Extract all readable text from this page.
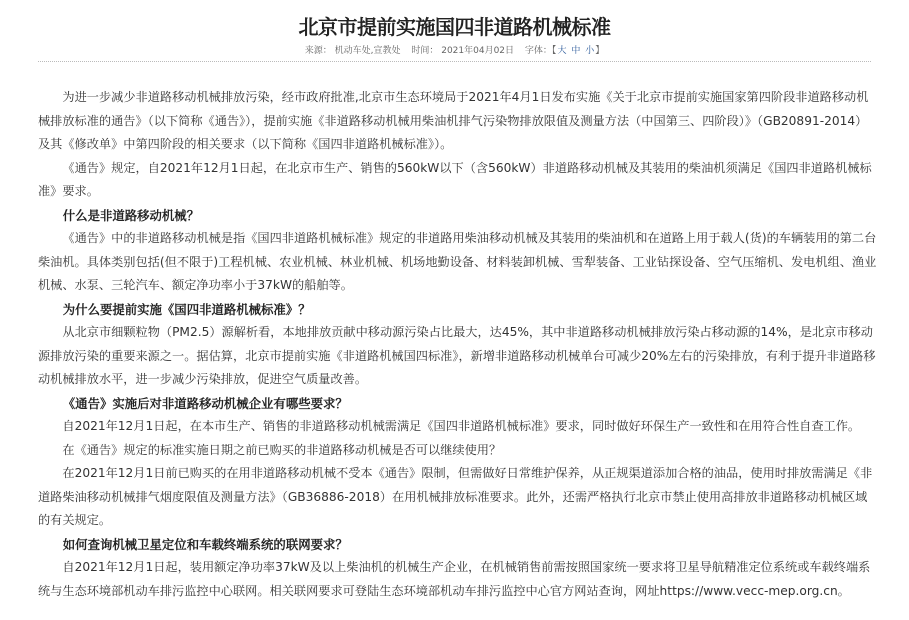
北京市提前实施国四非道路机械标准
来源： 机动车处,宣教处 时间： 2021年04月02日 字体：【大 中 小】

为进一步减少非道路移动机械排放污染，经市政府批准,北京市生态环境局于2021年4月1日发布实施《关于北京市提前实施国家第四阶段非道路移动机械排放标准的通告》（以下简称《通告》），提前实施《非道路移动机械用柴油机排气污染物排放限值及测量方法（中国第三、四阶段）》（GB20891-2014）及其《修改单》中第四阶段的相关要求（以下简称《国四非道路机械标准》）。

《通告》规定，自2021年12月1日起，在北京市生产、销售的560kW以下（含560kW）非道路移动机械及其装用的柴油机须满足《国四非道路机械标准》要求。

什么是非道路移动机械？

《通告》中的非道路移动机械是指《国四非道路机械标准》规定的非道路用柴油移动机械及其装用的柴油机和在道路上用于载人(货)的车辆装用的第二台柴油机。具体类别包括(但不限于)工程机械、农业机械、林业机械、机场地勤设备、材料装卸机械、雪犁装备、工业钻探设备、空气压缩机、发电机组、渔业机械、水泵、三轮汽车、额定净功率小于37kW的船舶等。

为什么要提前实施《国四非道路机械标准》？

从北京市细颗粒物（PM2.5）源解析看，本地排放贡献中移动源污染占比最大，达45%，其中非道路移动机械排放污染占移动源的14%，是北京市移动源排放污染的重要来源之一。据估算，北京市提前实施《非道路机械国四标准》，新增非道路移动机械单台可减少20%左右的污染排放，有利于提升非道路移动机械排放水平，进一步减少污染排放，促进空气质量改善。

《通告》实施后对非道路移动机械企业有哪些要求？

自2021年12月1日起，在本市生产、销售的非道路移动机械需满足《国四非道路机械标准》要求，同时做好环保生产一致性和在用符合性自查工作。

在《通告》规定的标准实施日期之前已购买的非道路移动机械是否可以继续使用？

在2021年12月1日前已购买的在用非道路移动机械不受本《通告》限制，但需做好日常维护保养，从正规渠道添加合格的油品，使用时排放需满足《非道路柴油移动机械排气烟度限值及测量方法》（GB36886-2018）在用机械排放标准要求。此外，还需严格执行北京市禁止使用高排放非道路移动机械区域的有关规定。

如何查询机械卫星定位和车载终端系统的联网要求？

自2021年12月1日起，装用额定净功率37kW及以上柴油机的机械生产企业，在机械销售前需按照国家统一要求将卫星导航精准定位系统或车载终端系统与生态环境部机动车排污监控中心联网。相关联网要求可登陆生态环境部机动车排污监控中心官方网站查询，网址https://www.vecc-mep.org.cn。
